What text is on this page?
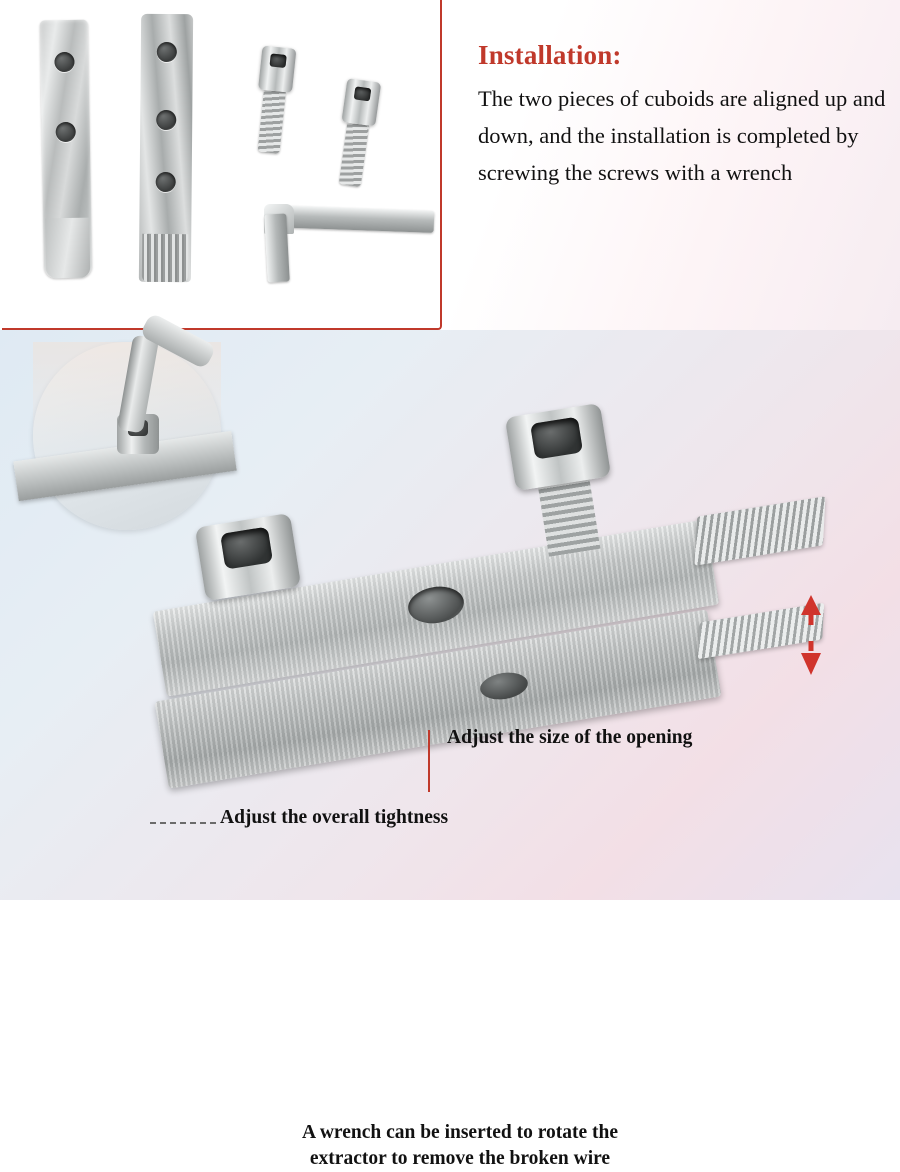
Installation:
The two pieces of cuboids are aligned up and down, and the installation is completed by screwing the screws with a wrench
Adjust the size of the opening
Adjust the overall tightness
A wrench can be inserted to rotate the
extractor to remove the broken wire
